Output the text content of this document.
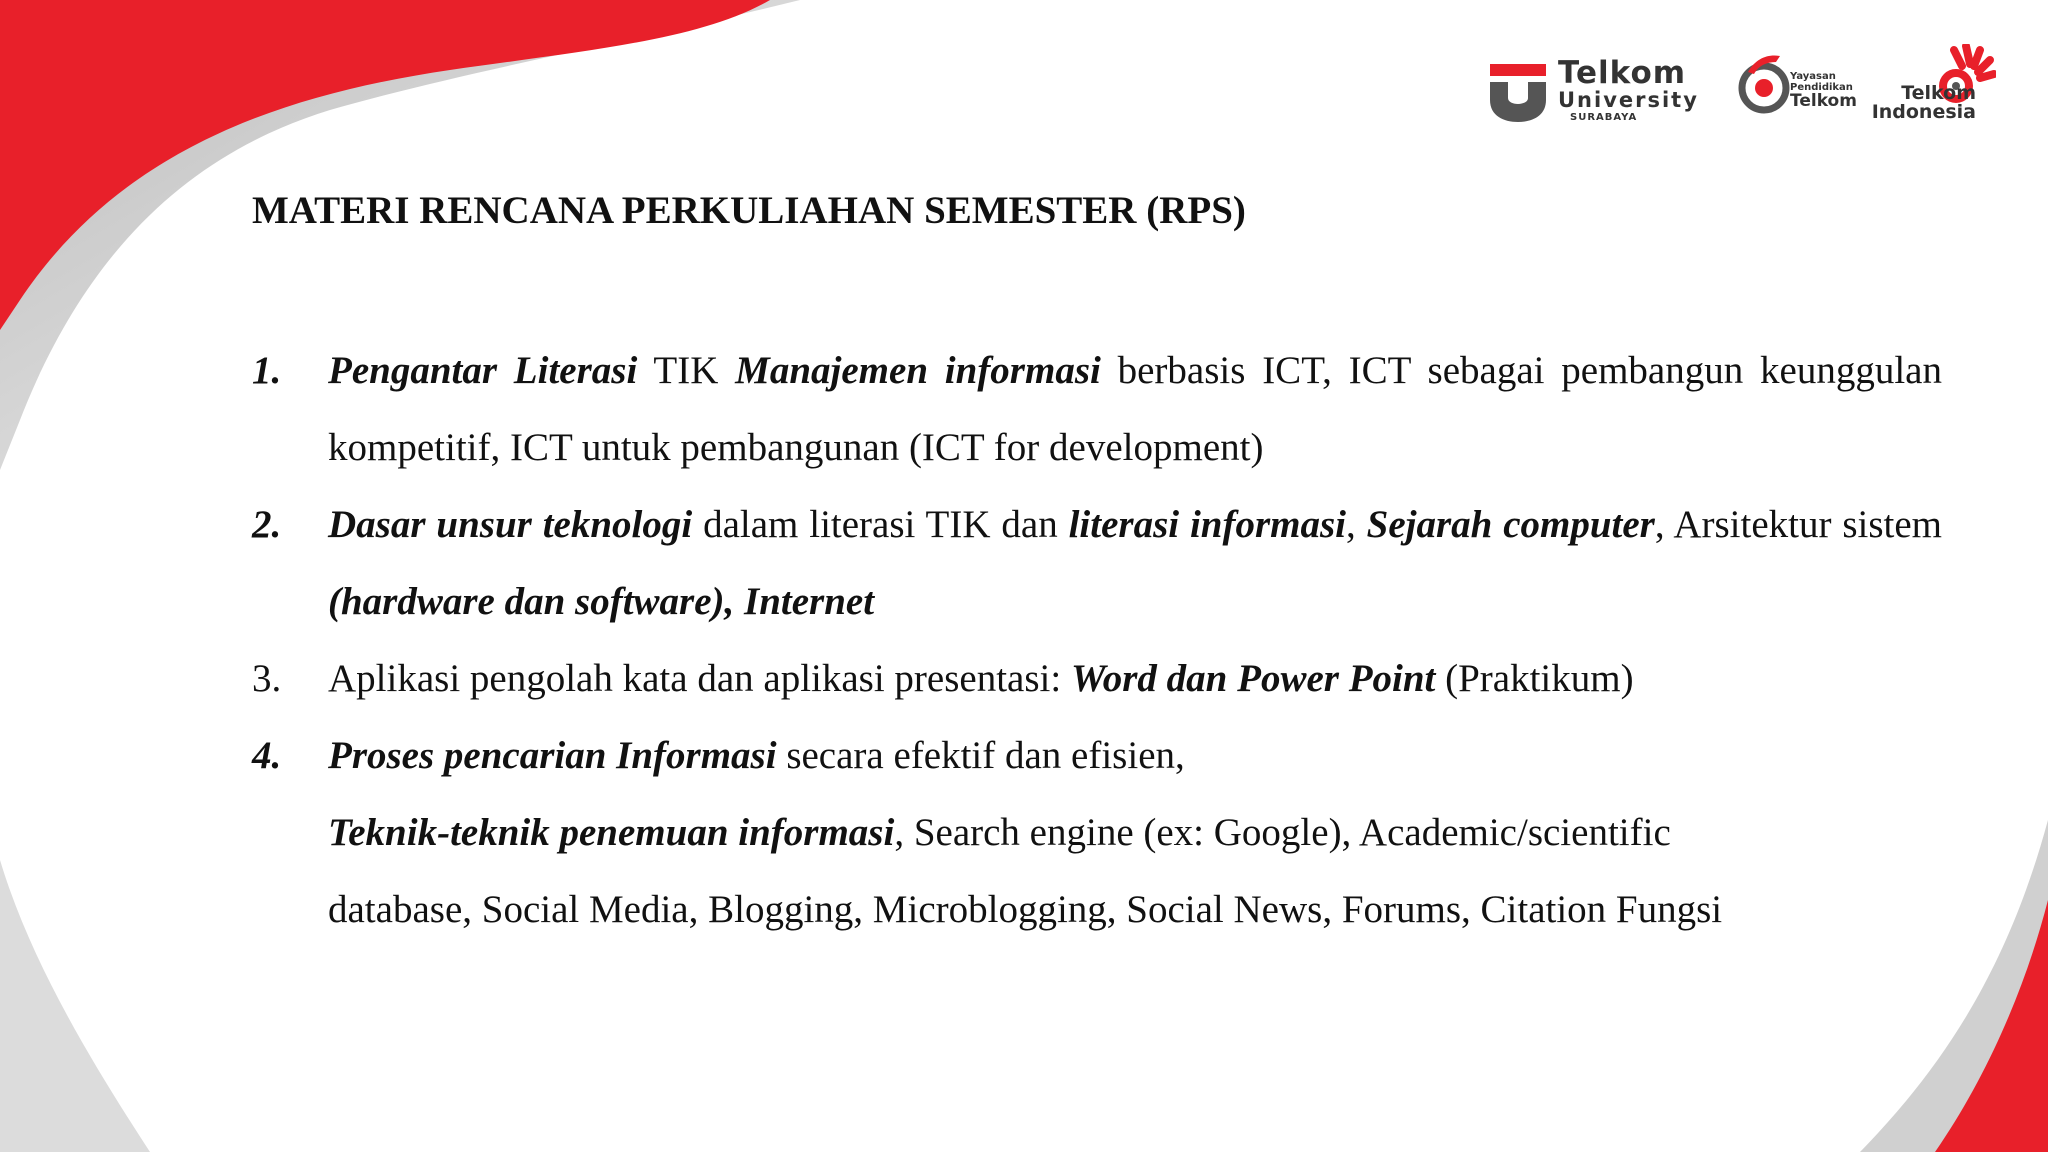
Telkom
University
SURABAYA
Yayasan
Pendidikan
Telkom	Telkom
Indonesia
MATERI RENCANA PERKULIAHAN SEMESTER (RPS)
1. Pengantar Literasi TIK Manajemen informasi berbasis ICT, ICT sebagai pembangun keunggulan kompetitif, ICT untuk pembangunan (ICT for development)
2. Dasar unsur teknologi dalam literasi TIK dan literasi informasi, Sejarah computer, Arsitektur sistem (hardware dan software), Internet
3. Aplikasi pengolah kata dan aplikasi presentasi: Word dan Power Point (Praktikum)
4. Proses pencarian Informasi secara efektif dan efisien,
Teknik-teknik penemuan informasi, Search engine (ex: Google), Academic/scientific
database, Social Media, Blogging, Microblogging, Social News, Forums, Citation Fungsi
